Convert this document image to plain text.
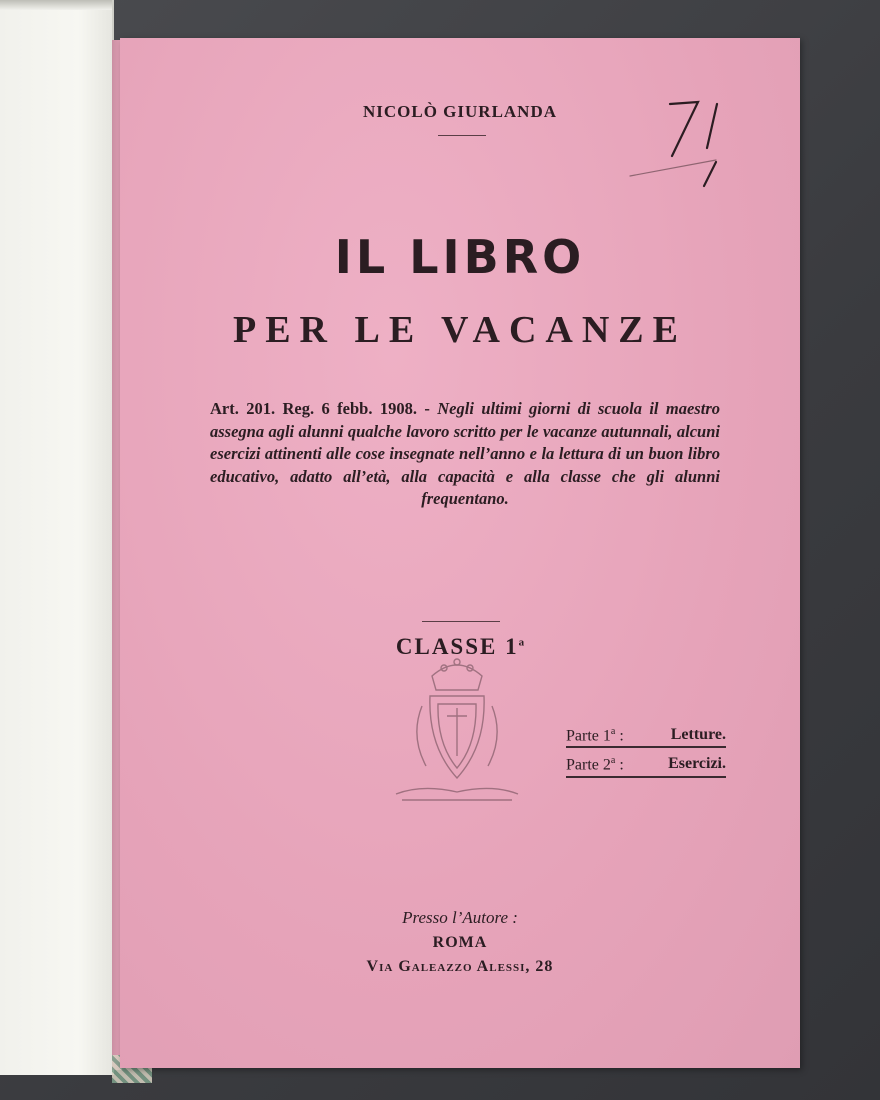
NICOLÒ GIURLANDA
IL LIBRO
PER LE VACANZE
Art. 201. Reg. 6 febb. 1908. - Negli ultimi giorni di scuola il maestro assegna agli alunni qualche lavoro scritto per le vacanze autunnali, alcuni esercizi attinenti alle cose insegnate nell’anno e la lettura di un buon libro educativo, adatto all’età, alla capacità e alla classe che gli alunni frequentano.
CLASSE 1$^a$
Parte 1$^a$ :	Letture.
Parte 2$^a$ :	Esercizi.
Presso l’Autore :
ROMA
Via Galeazzo Alessi, 28
